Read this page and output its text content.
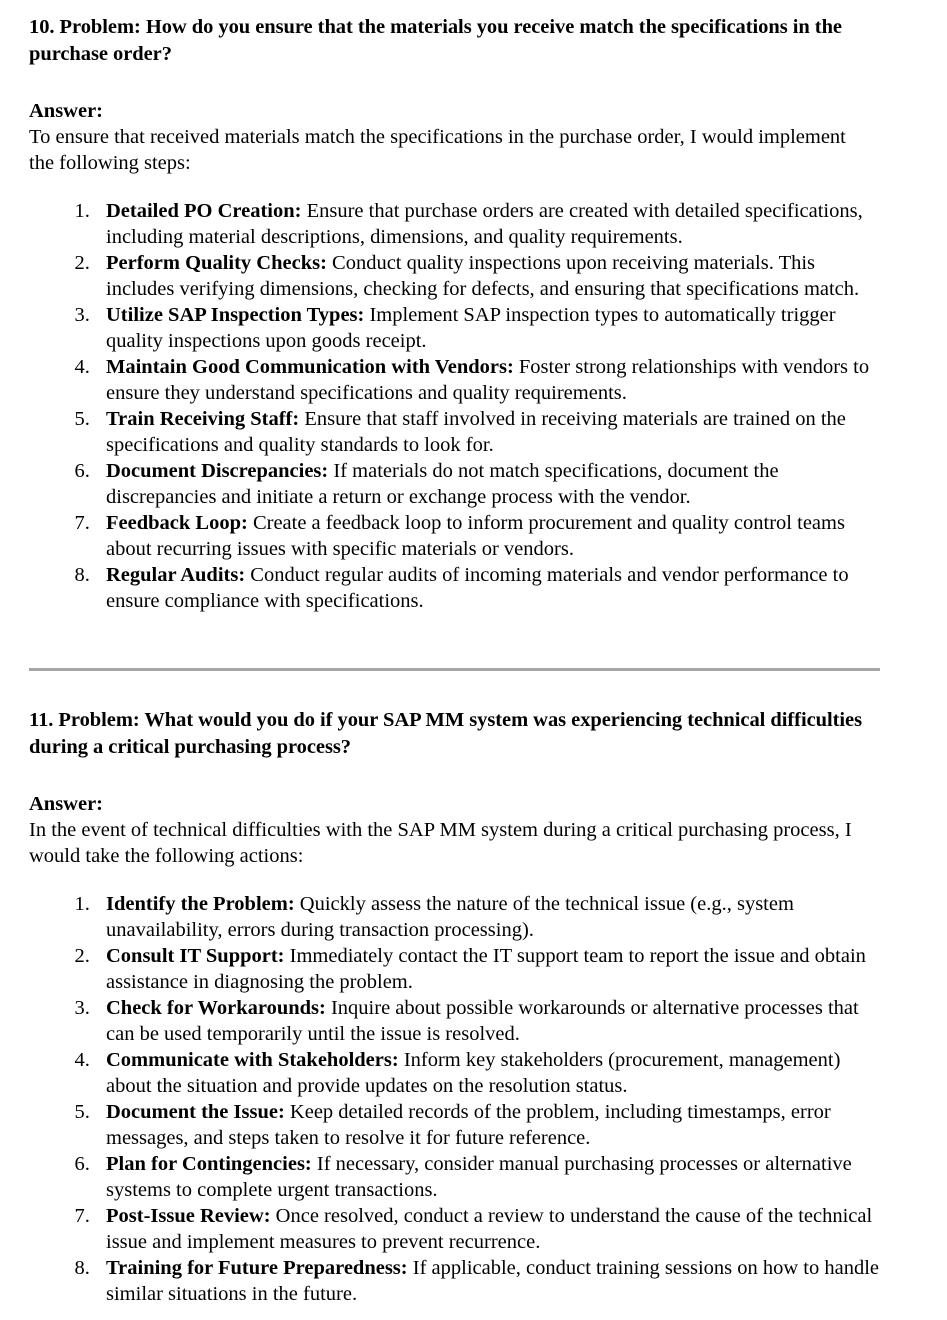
10. Problem: How do you ensure that the materials you receive match the specifications in the purchase order?

Answer:

To ensure that received materials match the specifications in the purchase order, I would implement the following steps:

1. Detailed PO Creation: Ensure that purchase orders are created with detailed specifications, including material descriptions, dimensions, and quality requirements.
2. Perform Quality Checks: Conduct quality inspections upon receiving materials. This includes verifying dimensions, checking for defects, and ensuring that specifications match.
3. Utilize SAP Inspection Types: Implement SAP inspection types to automatically trigger quality inspections upon goods receipt.
4. Maintain Good Communication with Vendors: Foster strong relationships with vendors to ensure they understand specifications and quality requirements.
5. Train Receiving Staff: Ensure that staff involved in receiving materials are trained on the specifications and quality standards to look for.
6. Document Discrepancies: If materials do not match specifications, document the discrepancies and initiate a return or exchange process with the vendor.
7. Feedback Loop: Create a feedback loop to inform procurement and quality control teams about recurring issues with specific materials or vendors.
8. Regular Audits: Conduct regular audits of incoming materials and vendor performance to ensure compliance with specifications.
11. Problem: What would you do if your SAP MM system was experiencing technical difficulties during a critical purchasing process?

Answer:

In the event of technical difficulties with the SAP MM system during a critical purchasing process, I would take the following actions:

1. Identify the Problem: Quickly assess the nature of the technical issue (e.g., system unavailability, errors during transaction processing).
2. Consult IT Support: Immediately contact the IT support team to report the issue and obtain assistance in diagnosing the problem.
3. Check for Workarounds: Inquire about possible workarounds or alternative processes that can be used temporarily until the issue is resolved.
4. Communicate with Stakeholders: Inform key stakeholders (procurement, management) about the situation and provide updates on the resolution status.
5. Document the Issue: Keep detailed records of the problem, including timestamps, error messages, and steps taken to resolve it for future reference.
6. Plan for Contingencies: If necessary, consider manual purchasing processes or alternative systems to complete urgent transactions.
7. Post-Issue Review: Once resolved, conduct a review to understand the cause of the technical issue and implement measures to prevent recurrence.
8. Training for Future Preparedness: If applicable, conduct training sessions on how to handle similar situations in the future.
